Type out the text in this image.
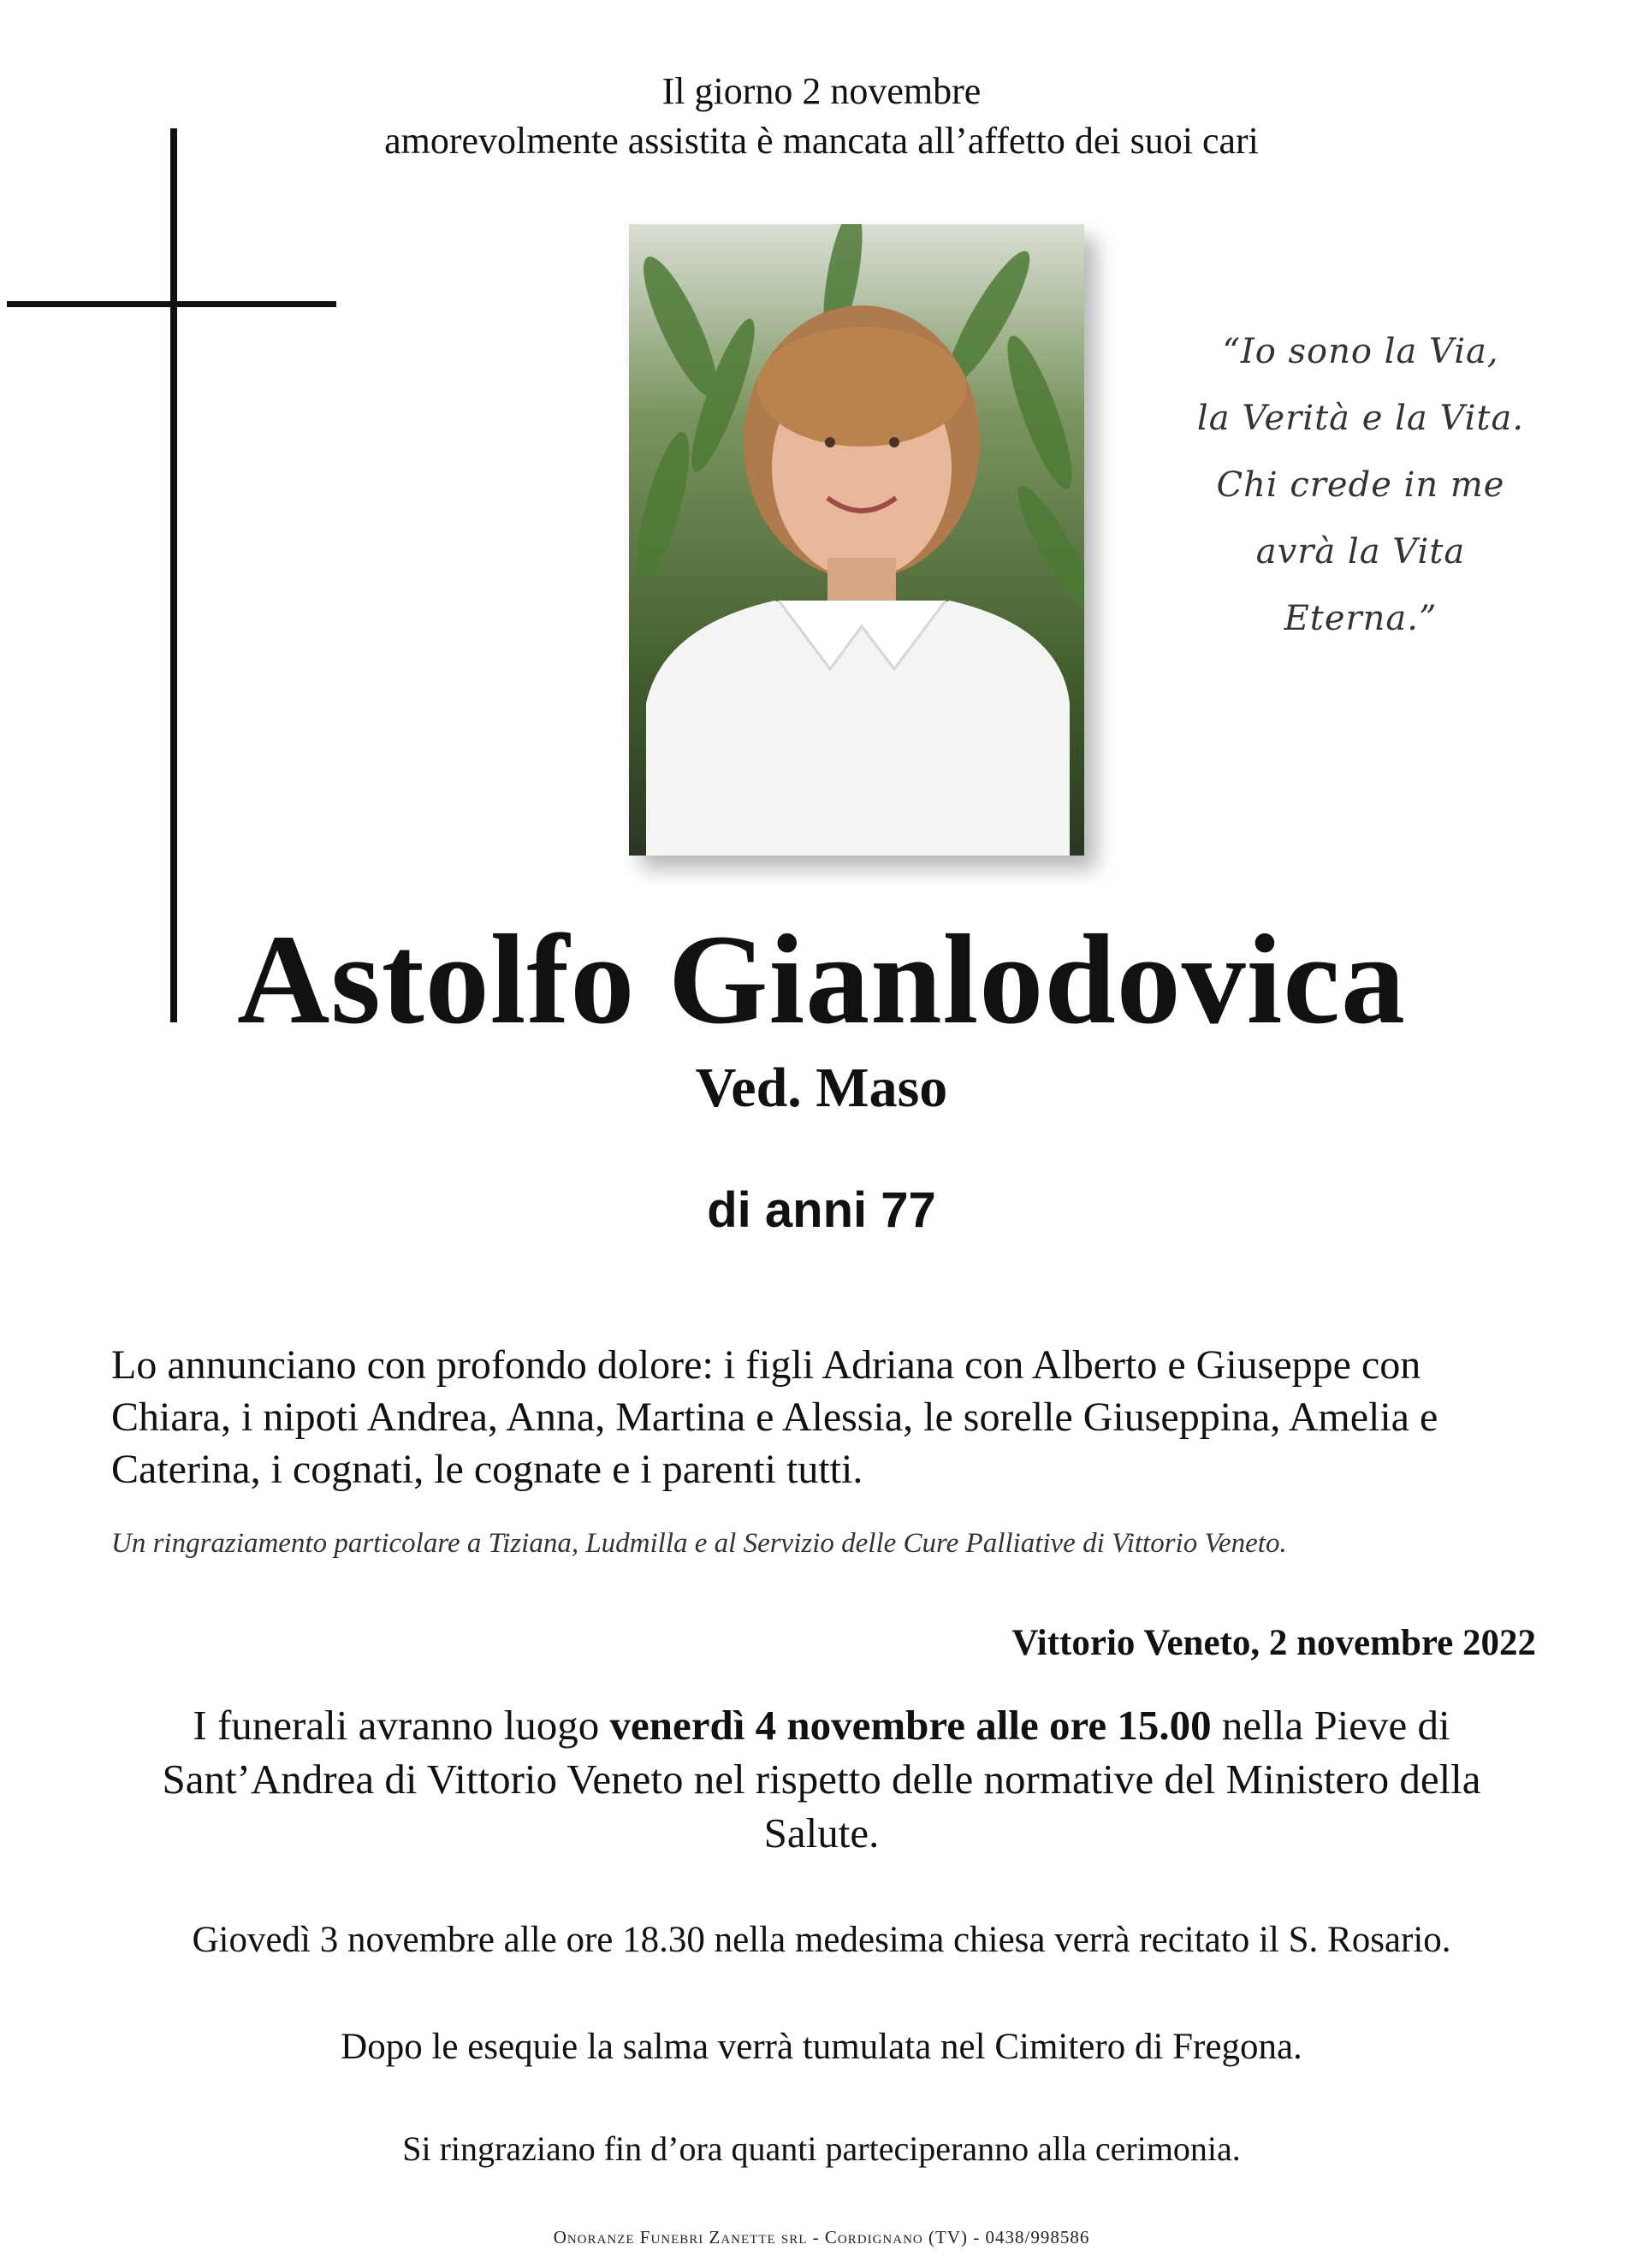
Il giorno 2 novembre
amorevolmente assistita è mancata all’affetto dei suoi cari
“Io sono la Via,
la Verità e la Vita.
Chi crede in me
avrà la Vita
Eterna.”
Astolfo Gianlodovica
Ved. Maso
di anni 77
Lo annunciano con profondo dolore: i figli Adriana con Alberto e Giuseppe con Chiara, i nipoti Andrea, Anna, Martina e Alessia, le sorelle Giuseppina, Amelia e Caterina, i cognati, le cognate e i parenti tutti.
Un ringraziamento particolare a Tiziana, Ludmilla e al Servizio delle Cure Palliative di Vittorio Veneto.
Vittorio Veneto, 2 novembre 2022
I funerali avranno luogo venerdì 4 novembre alle ore 15.00 nella Pieve di Sant’Andrea di Vittorio Veneto nel rispetto delle normative del Ministero della Salute.
Giovedì 3 novembre alle ore 18.30 nella medesima chiesa verrà recitato il S. Rosario.
Dopo le esequie la salma verrà tumulata nel Cimitero di Fregona.
Si ringraziano fin d’ora quanti parteciperanno alla cerimonia.
Onoranze Funebri Zanette srl - Cordignano (TV) - 0438/998586
